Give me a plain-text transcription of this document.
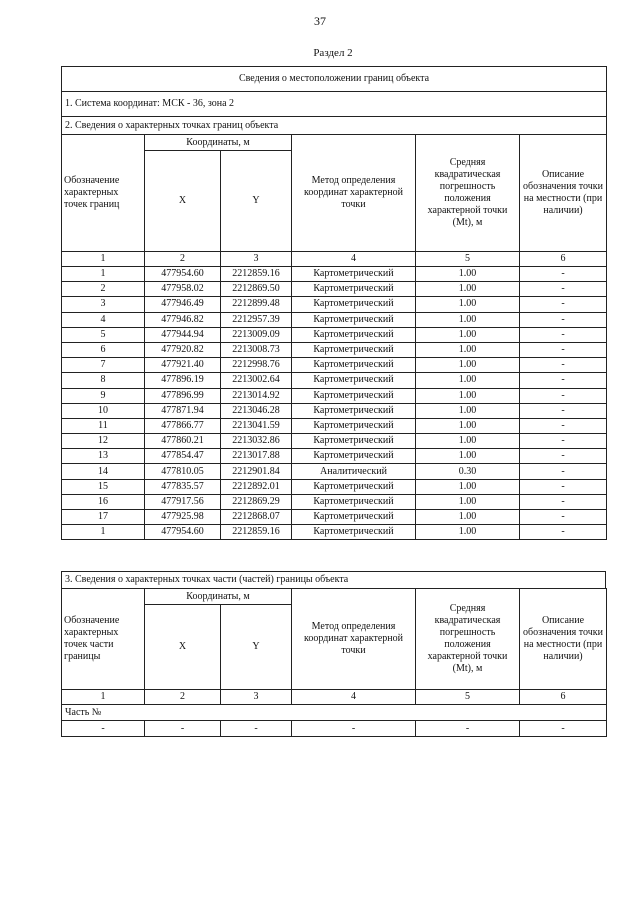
37
Раздел 2
Сведения о местоположении границ объекта					
1. Система координат: МСК - 36, зона 2					
2. Сведения о характерных точках границ объекта					
Обозначение характерных точек границ	Координаты, м		Метод определения координат характерной точки	Средняя квадратическая погрешность положения характерной точки (Mt), м	Описание обозначения точки на местности (при наличии)
	X	Y			
1	2	3	4	5	6
1	477954.60	2212859.16	Картометрический	1.00	-
2	477958.02	2212869.50	Картометрический	1.00	-
3	477946.49	2212899.48	Картометрический	1.00	-
4	477946.82	2212957.39	Картометрический	1.00	-
5	477944.94	2213009.09	Картометрический	1.00	-
6	477920.82	2213008.73	Картометрический	1.00	-
7	477921.40	2212998.76	Картометрический	1.00	-
8	477896.19	2213002.64	Картометрический	1.00	-
9	477896.99	2213014.92	Картометрический	1.00	-
10	477871.94	2213046.28	Картометрический	1.00	-
11	477866.77	2213041.59	Картометрический	1.00	-
12	477860.21	2213032.86	Картометрический	1.00	-
13	477854.47	2213017.88	Картометрический	1.00	-
14	477810.05	2212901.84	Аналитический	0.30	-
15	477835.57	2212892.01	Картометрический	1.00	-
16	477917.56	2212869.29	Картометрический	1.00	-
17	477925.98	2212868.07	Картометрический	1.00	-
1	477954.60	2212859.16	Картометрический	1.00	-
Обозначение характерных точек части границы	Координаты, м		Метод определения координат характерной точки	Средняя квадратическая погрешность положения характерной точки (Mt), м	Описание обозначения точки на местности (при наличии)
	X	Y			
1	2	3	4	5	6
Часть №					
-	-	-	-	-	-
3. Сведения о характерных точках части (частей) границы объекта
